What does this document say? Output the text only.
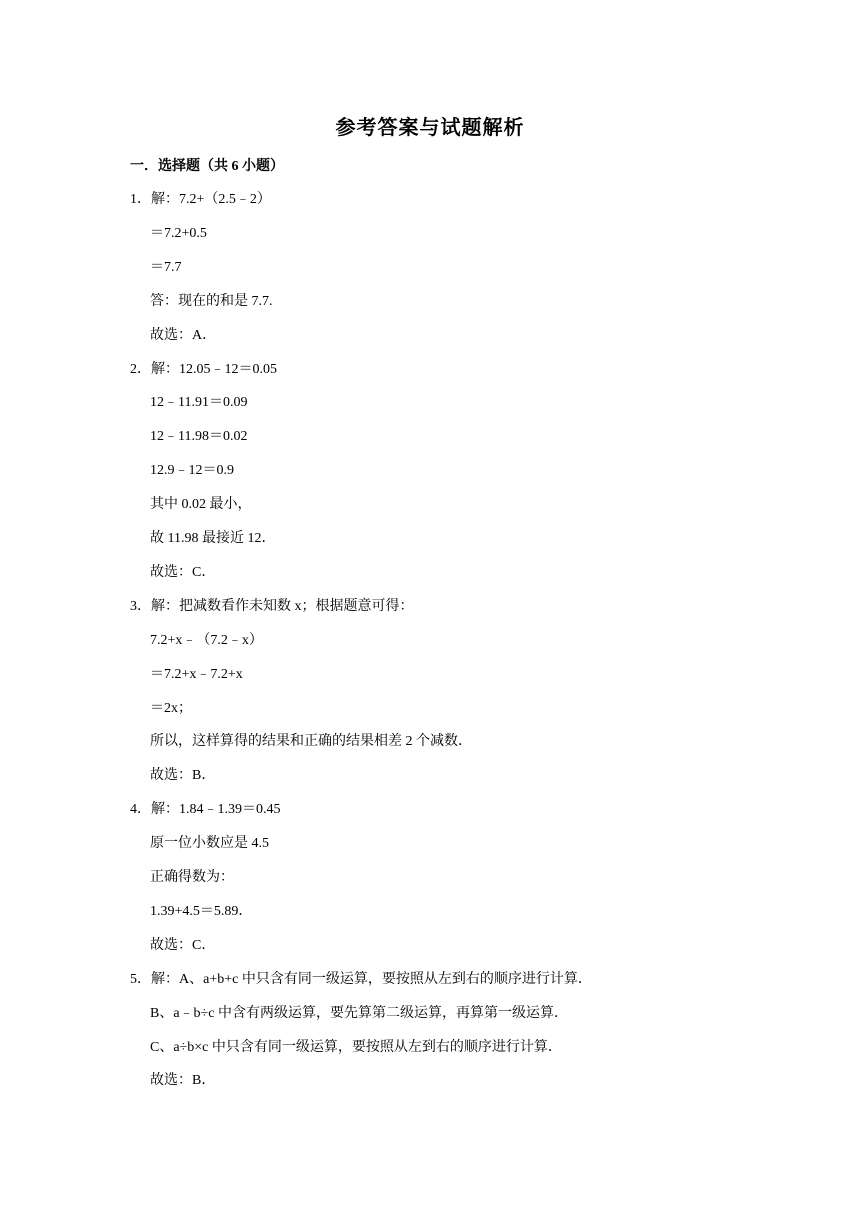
参考答案与试题解析
一．选择题（共 6 小题）
1．解：7.2+（2.5﹣2）
＝7.2+0.5
＝7.7
答：现在的和是 7.7.
故选：A．
2．解：12.05﹣12＝0.05
12﹣11.91＝0.09
12﹣11.98＝0.02
12.9﹣12＝0.9
其中 0.02 最小，
故 11.98 最接近 12．
故选：C．
3．解：把减数看作未知数 x；根据题意可得：
7.2+x﹣（7.2﹣x）
＝7.2+x﹣7.2+x
＝2x；
所以，这样算得的结果和正确的结果相差 2 个减数．
故选：B．
4．解：1.84﹣1.39＝0.45
原一位小数应是 4.5
正确得数为：
1.39+4.5＝5.89．
故选：C．
5．解：A、a+b+c 中只含有同一级运算，要按照从左到右的顺序进行计算．
B、a﹣b÷c 中含有两级运算，要先算第二级运算，再算第一级运算．
C、a÷b×c 中只含有同一级运算，要按照从左到右的顺序进行计算．
故选：B．
